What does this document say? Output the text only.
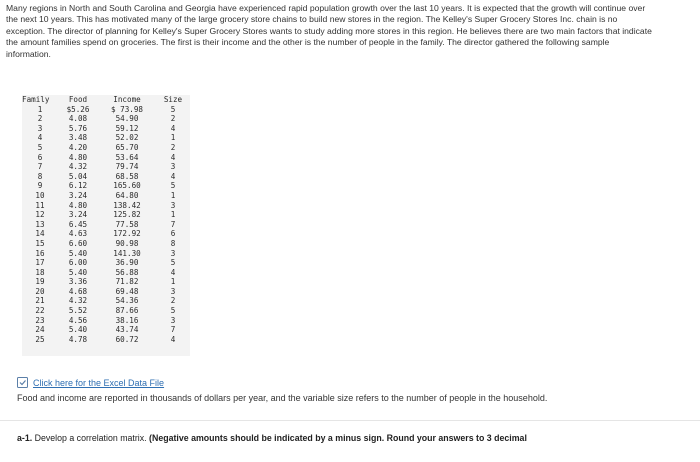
Many regions in North and South Carolina and Georgia have experienced rapid population growth over the last 10 years. It is expected that the growth will continue over the next 10 years. This has motivated many of the large grocery store chains to build new stores in the region. The Kelley's Super Grocery Stores Inc. chain is no exception. The director of planning for Kelley's Super Grocery Stores wants to study adding more stores in this region. He believes there are two main factors that indicate the amount families spend on groceries. The first is their income and the other is the number of people in the family. The director gathered the following sample information.
Family	Food	Income	Size
1	$5.26	$ 73.98	5
2	4.08	54.90	2
3	5.76	59.12	4
4	3.48	52.02	1
5	4.20	65.70	2
6	4.80	53.64	4
7	4.32	79.74	3
8	5.04	68.58	4
9	6.12	165.60	5
10	3.24	64.80	1
11	4.80	138.42	3
12	3.24	125.82	1
13	6.45	77.58	7
14	4.63	172.92	6
15	6.60	90.98	8
16	5.40	141.30	3
17	6.00	36.90	5
18	5.40	56.88	4
19	3.36	71.82	1
20	4.68	69.48	3
21	4.32	54.36	2
22	5.52	87.66	5
23	4.56	38.16	3
24	5.40	43.74	7
25	4.78	60.72	4
Click here for the Excel Data File
Food and income are reported in thousands of dollars per year, and the variable size refers to the number of people in the household.
a-1. Develop a correlation matrix. (Negative amounts should be indicated by a minus sign. Round your answers to 3 decimal
